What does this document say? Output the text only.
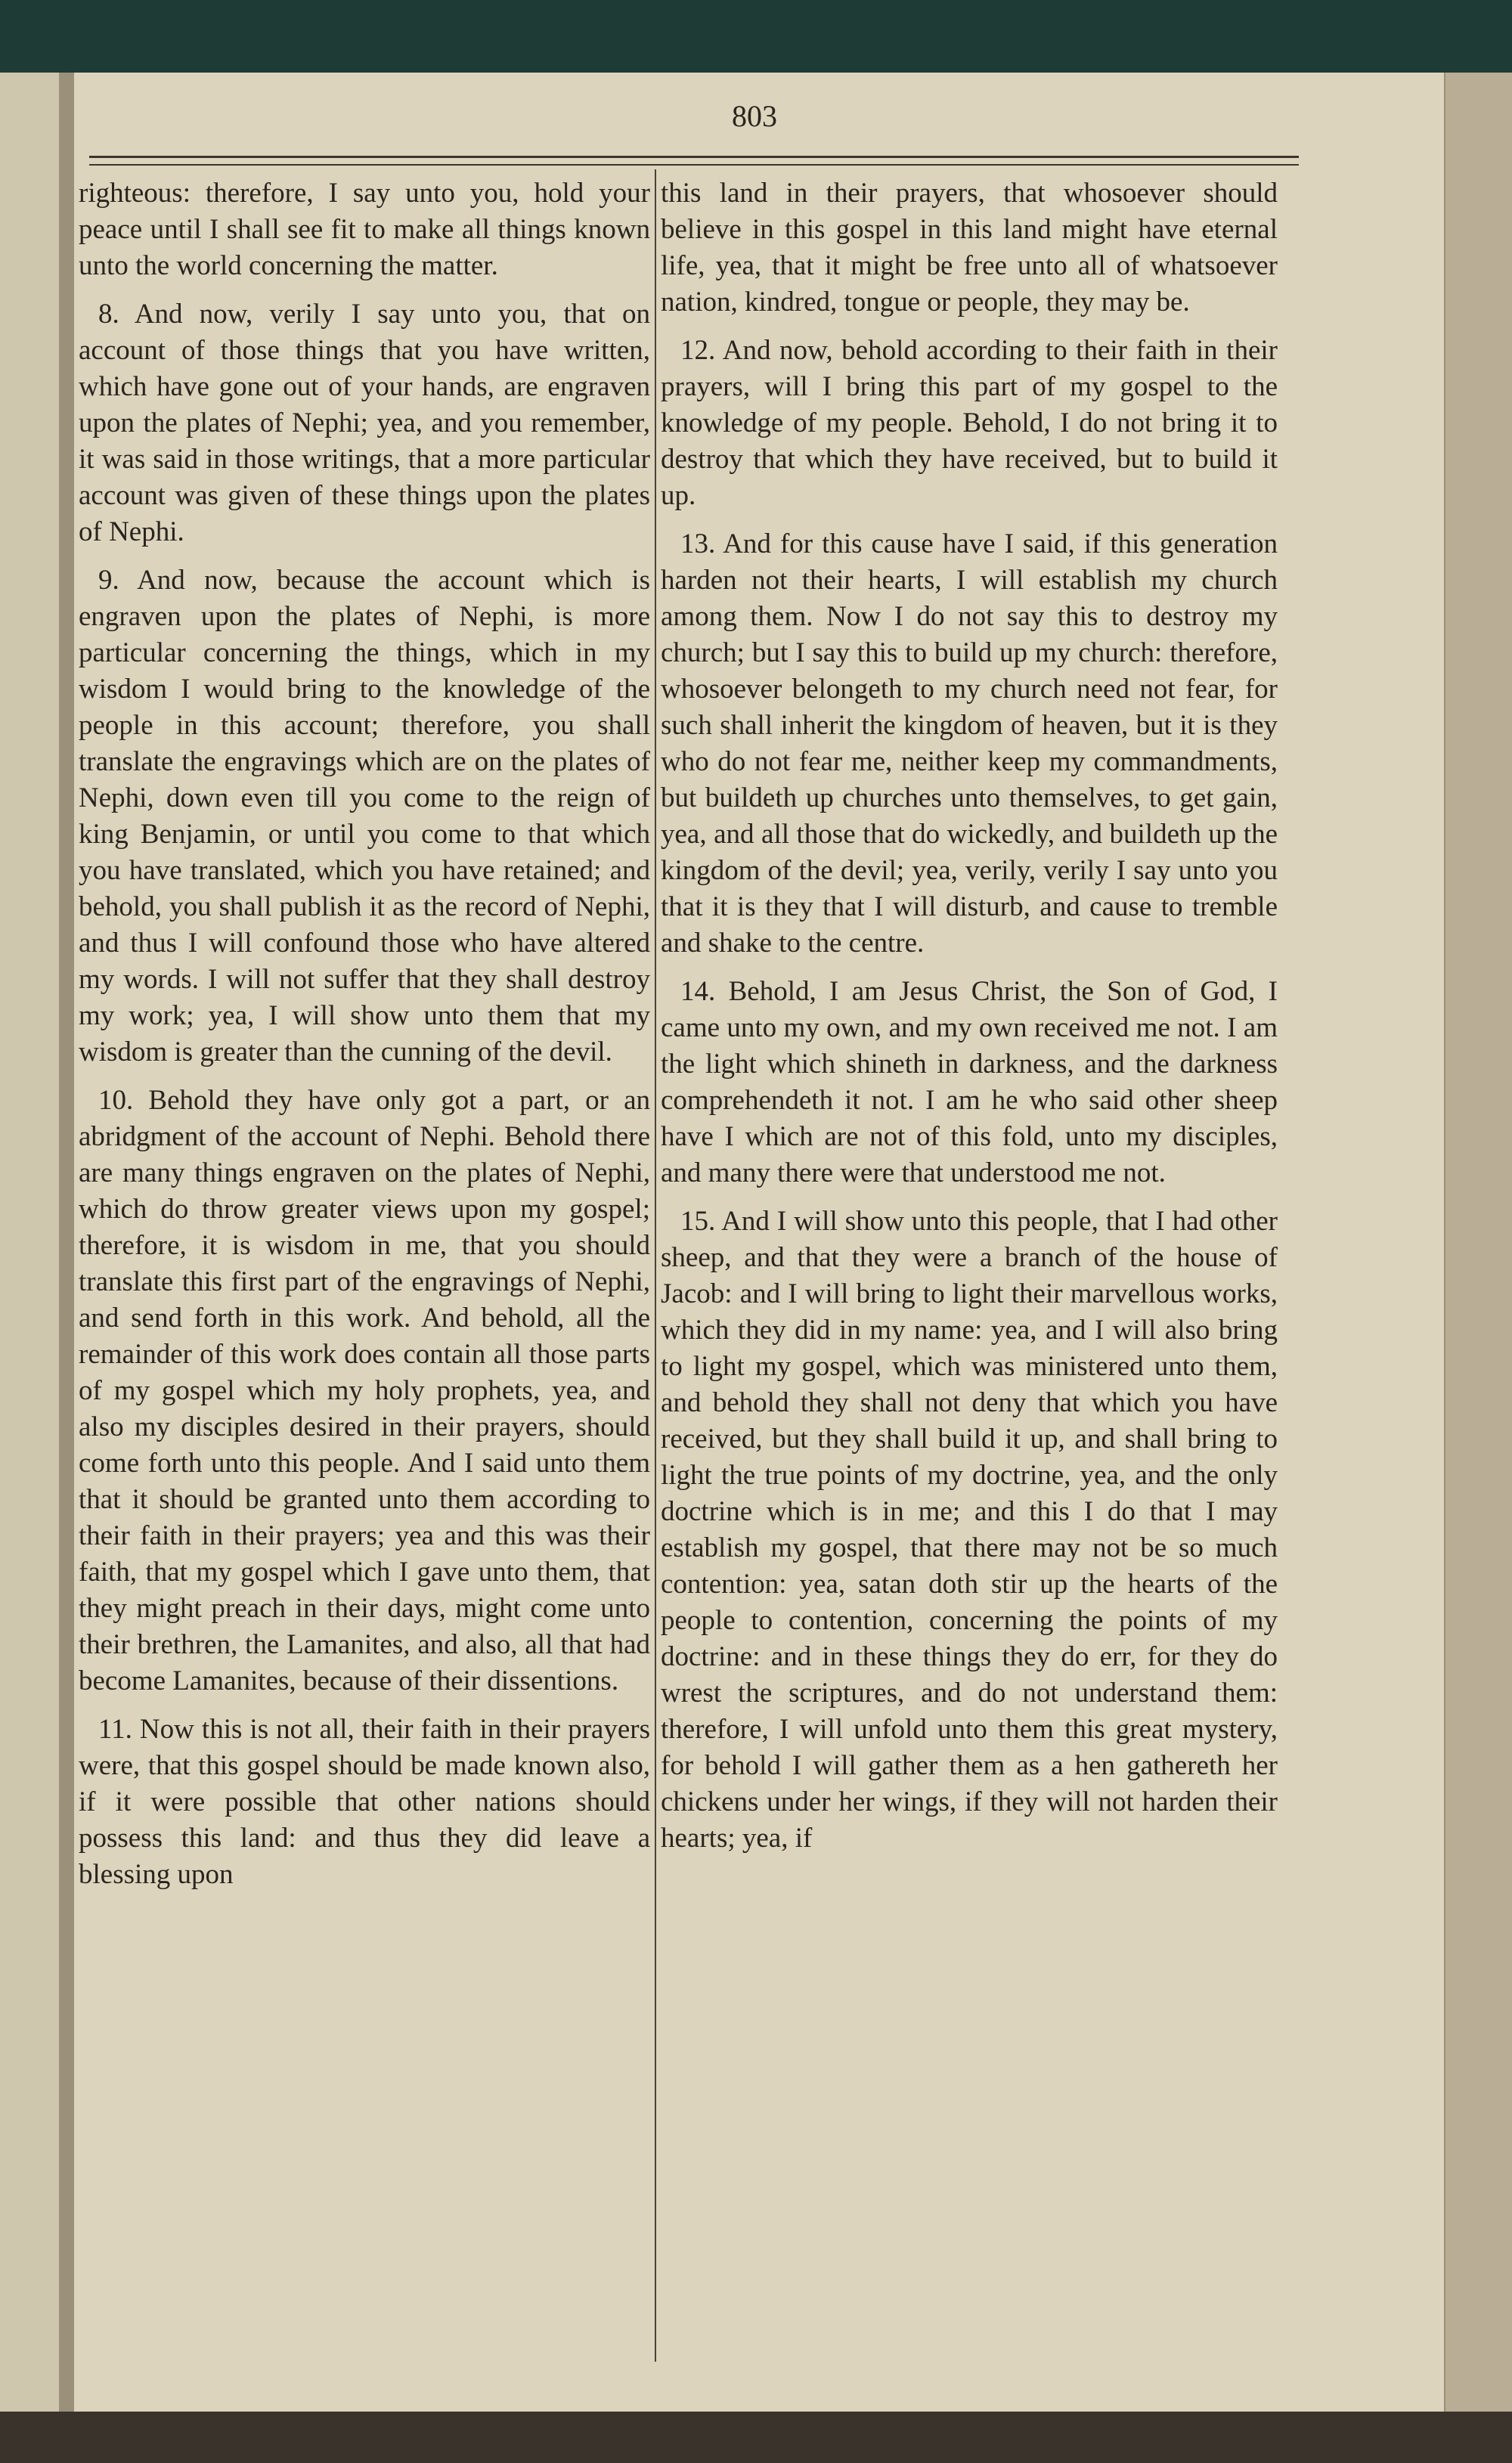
803

righteous: therefore, I say unto you, hold your peace until I shall see fit to make all things known unto the world concerning the matter.

8. And now, verily I say unto you, that on account of those things that you have written, which have gone out of your hands, are engraven upon the plates of Nephi; yea, and you remember, it was said in those writings, that a more particular account was given of these things upon the plates of Nephi.

9. And now, because the account which is engraven upon the plates of Nephi, is more particular concerning the things, which in my wisdom I would bring to the knowledge of the people in this account; therefore, you shall translate the engravings which are on the plates of Nephi, down even till you come to the reign of king Benjamin, or until you come to that which you have translated, which you have retained; and behold, you shall publish it as the record of Nephi, and thus I will confound those who have altered my words. I will not suffer that they shall destroy my work; yea, I will show unto them that my wisdom is greater than the cunning of the devil.

10. Behold they have only got a part, or an abridgment of the account of Nephi. Behold there are many things engraven on the plates of Nephi, which do throw greater views upon my gospel; therefore, it is wisdom in me, that you should translate this first part of the engravings of Nephi, and send forth in this work. And behold, all the remainder of this work does contain all those parts of my gospel which my holy prophets, yea, and also my disciples desired in their prayers, should come forth unto this people. And I said unto them that it should be granted unto them according to their faith in their prayers; yea and this was their faith, that my gospel which I gave unto them, that they might preach in their days, might come unto their brethren, the Lamanites, and also, all that had become Lamanites, because of their dissentions.

11. Now this is not all, their faith in their prayers were, that this gospel should be made known also, if it were possible that other nations should possess this land: and thus they did leave a blessing upon

this land in their prayers, that whosoever should believe in this gospel in this land might have eternal life, yea, that it might be free unto all of whatsoever nation, kindred, tongue or people, they may be.

12. And now, behold according to their faith in their prayers, will I bring this part of my gospel to the knowledge of my people. Behold, I do not bring it to destroy that which they have received, but to build it up.

13. And for this cause have I said, if this generation harden not their hearts, I will establish my church among them. Now I do not say this to destroy my church; but I say this to build up my church: therefore, whosoever belongeth to my church need not fear, for such shall inherit the kingdom of heaven, but it is they who do not fear me, neither keep my commandments, but buildeth up churches unto themselves, to get gain, yea, and all those that do wickedly, and buildeth up the kingdom of the devil; yea, verily, verily I say unto you that it is they that I will disturb, and cause to tremble and shake to the centre.

14. Behold, I am Jesus Christ, the Son of God, I came unto my own, and my own received me not. I am the light which shineth in darkness, and the darkness comprehendeth it not. I am he who said other sheep have I which are not of this fold, unto my disciples, and many there were that understood me not.

15. And I will show unto this people, that I had other sheep, and that they were a branch of the house of Jacob: and I will bring to light their marvellous works, which they did in my name: yea, and I will also bring to light my gospel, which was ministered unto them, and behold they shall not deny that which you have received, but they shall build it up, and shall bring to light the true points of my doctrine, yea, and the only doctrine which is in me; and this I do that I may establish my gospel, that there may not be so much contention: yea, satan doth stir up the hearts of the people to contention, concerning the points of my doctrine: and in these things they do err, for they do wrest the scriptures, and do not understand them: therefore, I will unfold unto them this great mystery, for behold I will gather them as a hen gathereth her chickens under her wings, if they will not harden their hearts; yea, if
